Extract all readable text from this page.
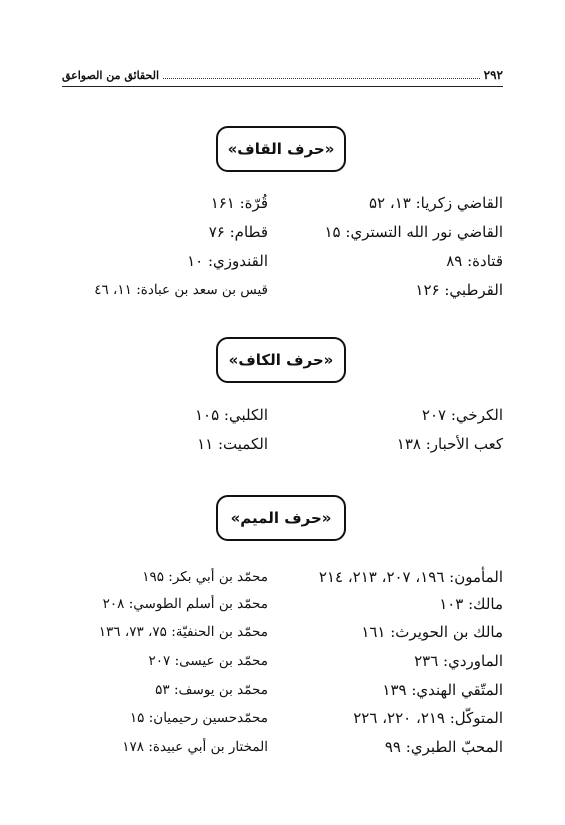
۲۹۲
الحقائق من الصواعق
«حرف القاف»
القاضي زكريا: ۱۳، ۵۲
القاضي نور الله التستري: ۱۵
قتادة: ۸۹
القرطبي: ۱۲۶
قُرّة: ۱۶۱
قطام: ۷۶
القندوزي: ۱۰
قيس بن سعد بن عبادة: ۱۱، ٤٦
«حرف الكاف»
الكرخي: ۲۰۷
كعب الأحبار: ۱۳۸
الكلبي: ۱۰۵
الكميت: ۱۱
«حرف الميم»
المأمون: ۱۹٦، ۲۰۷، ۲۱۳، ۲۱٤
مالك: ۱۰۳
مالك بن الحويرث: ۱٦۱
الماوردي: ۲۳٦
المتّقي الهندي: ۱۳۹
المتوكّل: ۲۱۹، ۲۲۰، ۲۲٦
المحبّ الطبري: ۹۹
محمّد بن أبي بكر: ۱۹۵
محمّد بن أسلم الطوسي: ۲۰۸
محمّد بن الحنفيّة: ۷۵، ۷۳، ۱۳٦
محمّد بن عيسى: ۲۰۷
محمّد بن يوسف: ۵۳
محمّدحسين رحيميان: ۱۵
المختار بن أبي عبيدة: ۱۷۸
